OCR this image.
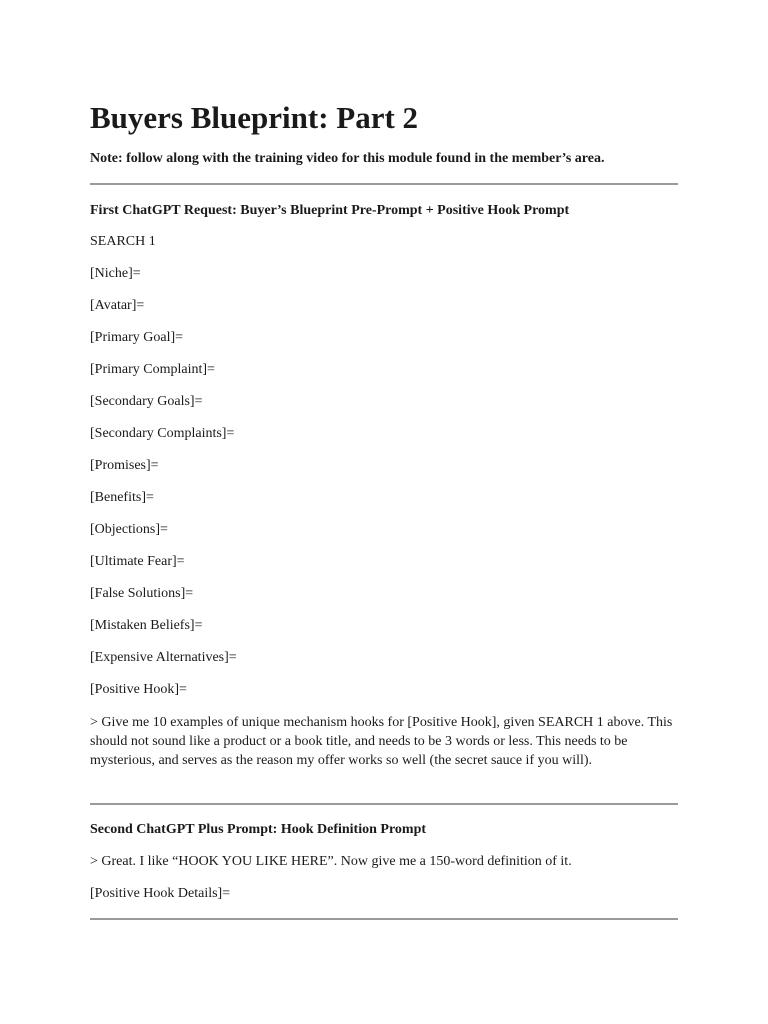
Buyers Blueprint: Part 2

Note: follow along with the training video for this module found in the member’s area.

First ChatGPT Request: Buyer’s Blueprint Pre-Prompt + Positive Hook Prompt

SEARCH 1

[Niche]=

[Avatar]=

[Primary Goal]=

[Primary Complaint]=

[Secondary Goals]=

[Secondary Complaints]=

[Promises]=

[Benefits]=

[Objections]=

[Ultimate Fear]=

[False Solutions]=

[Mistaken Beliefs]=

[Expensive Alternatives]=

[Positive Hook]=

> Give me 10 examples of unique mechanism hooks for [Positive Hook], given SEARCH 1 above. This should not sound like a product or a book title, and needs to be 3 words or less. This needs to be mysterious, and serves as the reason my offer works so well (the secret sauce if you will).

Second ChatGPT Plus Prompt: Hook Definition Prompt

> Great. I like “HOOK YOU LIKE HERE”. Now give me a 150-word definition of it.

[Positive Hook Details]=
